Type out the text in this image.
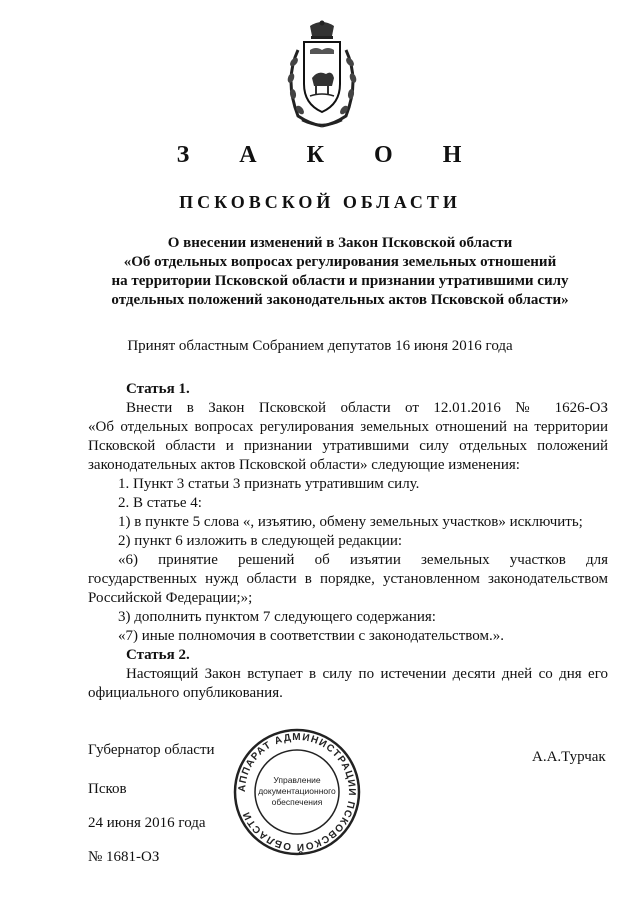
З А К О Н
ПСКОВСКОЙ ОБЛАСТИ
О внесении изменений в Закон Псковской области
«Об отдельных вопросах регулирования земельных отношений
на территории Псковской области и признании утратившими силу
отдельных положений законодательных актов Псковской области»
Принят областным Собранием депутатов 16 июня 2016 года
Статья 1.
Внести в Закон Псковской области от 12.01.2016 № 1626-ОЗ
«Об отдельных вопросах регулирования земельных отношений на территории
Псковской области и признании утратившими силу отдельных положений
законодательных актов Псковской области» следующие изменения:
1. Пункт 3 статьи 3 признать утратившим силу.
2. В статье 4:
1) в пункте 5 слова «, изъятию, обмену земельных участков» исключить;
2) пункт 6 изложить в следующей редакции:
«6) принятие решений об изъятии земельных участков для
государственных нужд области в порядке, установленном законодательством
Российской Федерации;»;
3) дополнить пунктом 7 следующего содержания:
«7) иные полномочия в соответствии с законодательством.».
Статья 2.
Настоящий Закон вступает в силу по истечении десяти дней со дня его
официального опубликования.
Губернатор области	А.А.Турчак
Псков
24 июня 2016 года
№ 1681-ОЗ
АППАРАТ АДМИНИСТРАЦИИ ПСКОВСКОЙ ОБЛАСТИ
Управление
документационного
обеспечения
